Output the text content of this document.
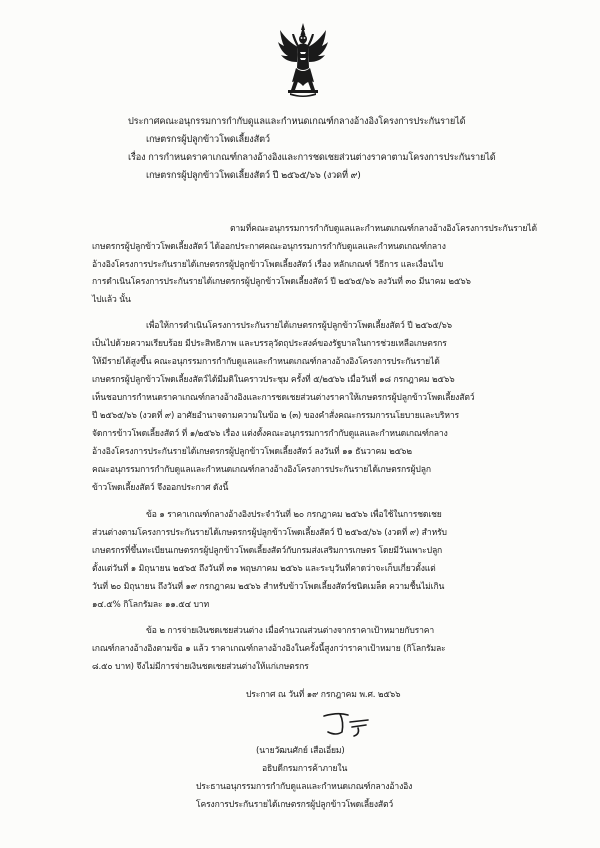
ประกาศคณะอนุกรรมการกำกับดูแลและกำหนดเกณฑ์กลางอ้างอิงโครงการประกันรายได้
เกษตรกรผู้ปลูกข้าวโพดเลี้ยงสัตว์
เรื่อง การกำหนดราคาเกณฑ์กลางอ้างอิงและการชดเชยส่วนต่างราคาตามโครงการประกันรายได้
เกษตรกรผู้ปลูกข้าวโพดเลี้ยงสัตว์ ปี ๒๕๖๕/๖๖ (งวดที่ ๙)
ตามที่คณะอนุกรรมการกำกับดูแลและกำหนดเกณฑ์กลางอ้างอิงโครงการประกันรายได้
เกษตรกรผู้ปลูกข้าวโพดเลี้ยงสัตว์ ได้ออกประกาศคณะอนุกรรมการกำกับดูแลและกำหนดเกณฑ์กลาง
อ้างอิงโครงการประกันรายได้เกษตรกรผู้ปลูกข้าวโพดเลี้ยงสัตว์ เรื่อง หลักเกณฑ์ วิธีการ และเงื่อนไข
การดำเนินโครงการประกันรายได้เกษตรกรผู้ปลูกข้าวโพดเลี้ยงสัตว์ ปี ๒๕๖๕/๖๖ ลงวันที่ ๓๐ มีนาคม ๒๕๖๖
ไปแล้ว นั้น
เพื่อให้การดำเนินโครงการประกันรายได้เกษตรกรผู้ปลูกข้าวโพดเลี้ยงสัตว์ ปี ๒๕๖๕/๖๖
เป็นไปด้วยความเรียบร้อย มีประสิทธิภาพ และบรรลุวัตถุประสงค์ของรัฐบาลในการช่วยเหลือเกษตรกร
ให้มีรายได้สูงขึ้น คณะอนุกรรมการกำกับดูแลและกำหนดเกณฑ์กลางอ้างอิงโครงการประกันรายได้
เกษตรกรผู้ปลูกข้าวโพดเลี้ยงสัตว์ได้มีมติในคราวประชุม ครั้งที่ ๕/๒๕๖๖ เมื่อวันที่ ๑๘ กรกฎาคม ๒๕๖๖
เห็นชอบการกำหนดราคาเกณฑ์กลางอ้างอิงและการชดเชยส่วนต่างราคาให้เกษตรกรผู้ปลูกข้าวโพดเลี้ยงสัตว์
ปี ๒๕๖๕/๖๖ (งวดที่ ๙) อาศัยอำนาจตามความในข้อ ๒ (๓) ของคำสั่งคณะกรรมการนโยบายและบริหาร
จัดการข้าวโพดเลี้ยงสัตว์ ที่ ๑/๒๕๖๖ เรื่อง แต่งตั้งคณะอนุกรรมการกำกับดูแลและกำหนดเกณฑ์กลาง
อ้างอิงโครงการประกันรายได้เกษตรกรผู้ปลูกข้าวโพดเลี้ยงสัตว์ ลงวันที่ ๑๑ ธันวาคม ๒๕๖๒
คณะอนุกรรมการกำกับดูแลและกำหนดเกณฑ์กลางอ้างอิงโครงการประกันรายได้เกษตรกรผู้ปลูก
ข้าวโพดเลี้ยงสัตว์ จึงออกประกาศ ดังนี้
ข้อ ๑ ราคาเกณฑ์กลางอ้างอิงประจำวันที่ ๒๐ กรกฎาคม ๒๕๖๖ เพื่อใช้ในการชดเชย
ส่วนต่างตามโครงการประกันรายได้เกษตรกรผู้ปลูกข้าวโพดเลี้ยงสัตว์ ปี ๒๕๖๕/๖๖ (งวดที่ ๙) สำหรับ
เกษตรกรที่ขึ้นทะเบียนเกษตรกรผู้ปลูกข้าวโพดเลี้ยงสัตว์กับกรมส่งเสริมการเกษตร โดยมีวันเพาะปลูก
ตั้งแต่วันที่ ๑ มิถุนายน ๒๕๖๕ ถึงวันที่ ๓๑ พฤษภาคม ๒๕๖๖ และระบุวันที่คาดว่าจะเก็บเกี่ยวตั้งแต่
วันที่ ๒๐ มิถุนายน ถึงวันที่ ๑๙ กรกฎาคม ๒๕๖๖ สำหรับข้าวโพดเลี้ยงสัตว์ชนิดเมล็ด ความชื้นไม่เกิน
๑๔.๕% กิโลกรัมละ ๑๑.๕๔ บาท
ข้อ ๒ การจ่ายเงินชดเชยส่วนต่าง เมื่อคำนวณส่วนต่างจากราคาเป้าหมายกับราคา
เกณฑ์กลางอ้างอิงตามข้อ ๑ แล้ว ราคาเกณฑ์กลางอ้างอิงในครั้งนี้สูงกว่าราคาเป้าหมาย (กิโลกรัมละ
๘.๕๐ บาท) จึงไม่มีการจ่ายเงินชดเชยส่วนต่างให้แก่เกษตรกร
ประกาศ ณ วันที่ ๑๙ กรกฎาคม พ.ศ. ๒๕๖๖
(นายวัฒนศักย์ เสือเอี่ยม)
อธิบดีกรมการค้าภายใน
ประธานอนุกรรมการกำกับดูแลและกำหนดเกณฑ์กลางอ้างอิง
โครงการประกันรายได้เกษตรกรผู้ปลูกข้าวโพดเลี้ยงสัตว์
